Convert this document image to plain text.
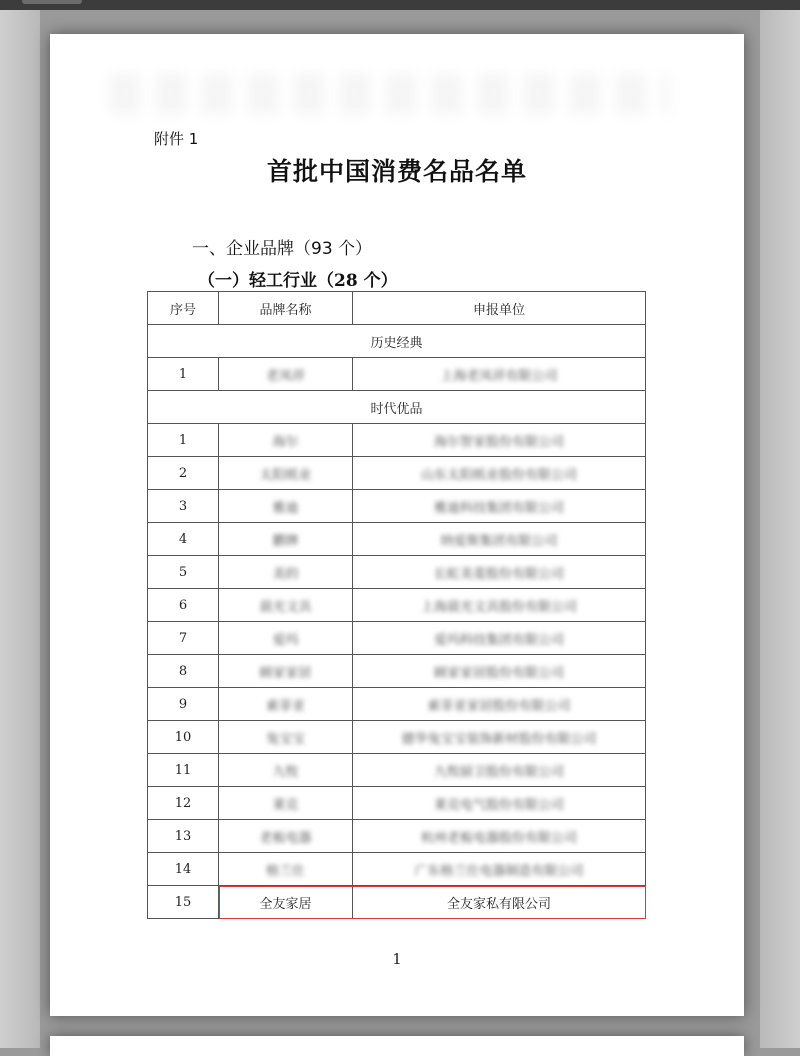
附件 1
首批中国消费名品名单
一、企业品牌（93 个）
（一）轻工行业（28 个）
序号	品牌名称	申报单位
历史经典		
1	老凤祥	上海老凤祥有限公司
时代优品		
1	海尔	海尔智家股份有限公司
2	太阳纸业	山东太阳纸业股份有限公司
3	雅迪	雅迪科技集团有限公司
4	鹏牌	纳爱斯集团有限公司
5	美的	长虹美菱股份有限公司
6	晨光文具	上海晨光文具股份有限公司
7	爱玛	爱玛科技集团有限公司
8	顾家家居	顾家家居股份有限公司
9	索菲亚	索菲亚家居股份有限公司
10	兔宝宝	德华兔宝宝装饰新材股份有限公司
11	九牧	九牧厨卫股份有限公司
12	莱克	莱克电气股份有限公司
13	老板电器	杭州老板电器股份有限公司
14	格兰仕	广东格兰仕电器制造有限公司
15	全友家居	全友家私有限公司
1
